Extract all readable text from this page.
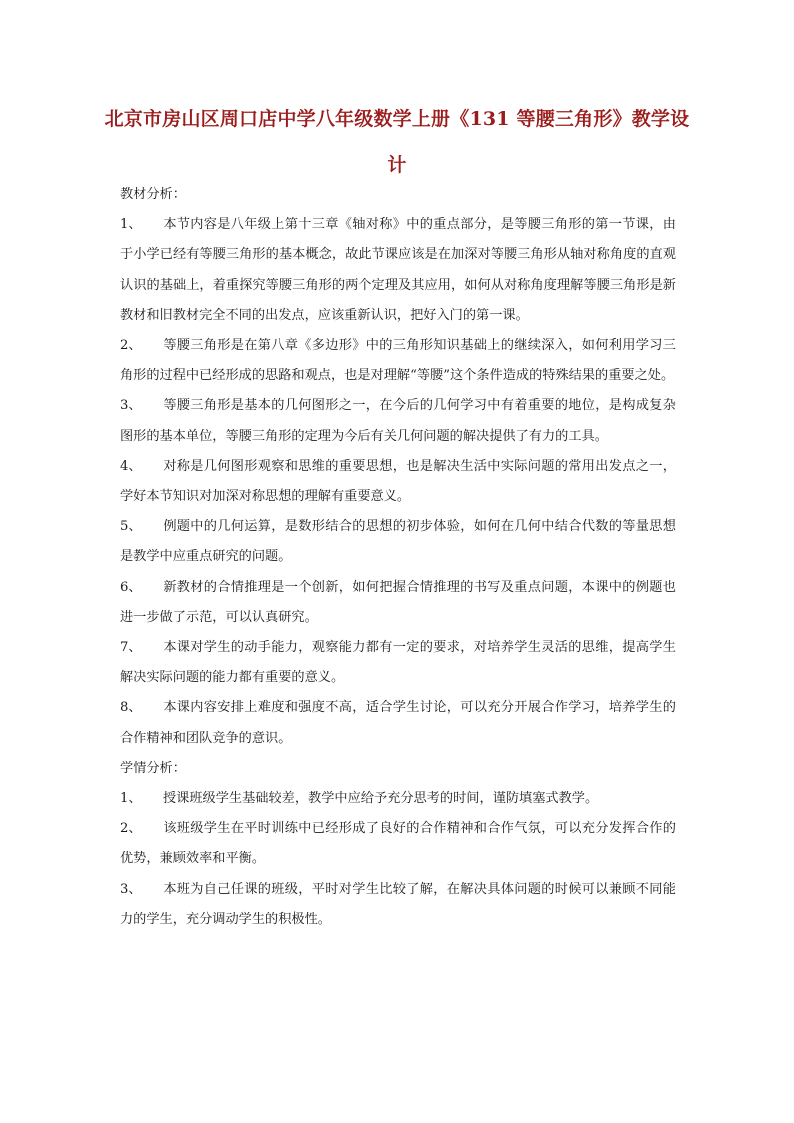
北京市房山区周口店中学八年级数学上册《131 等腰三角形》教学设
计

教材分析：

1、 本节内容是八年级上第十三章《轴对称》中的重点部分，是等腰三角形的第一节课，由于小学已经有等腰三角形的基本概念，故此节课应该是在加深对等腰三角形从轴对称角度的直观认识的基础上，着重探究等腰三角形的两个定理及其应用，如何从对称角度理解等腰三角形是新教材和旧教材完全不同的出发点，应该重新认识，把好入门的第一课。

2、 等腰三角形是在第八章《多边形》中的三角形知识基础上的继续深入，如何利用学习三角形的过程中已经形成的思路和观点，也是对理解“等腰”这个条件造成的特殊结果的重要之处。

3、 等腰三角形是基本的几何图形之一，在今后的几何学习中有着重要的地位，是构成复杂图形的基本单位，等腰三角形的定理为今后有关几何问题的解决提供了有力的工具。

4、 对称是几何图形观察和思维的重要思想，也是解决生活中实际问题的常用出发点之一，学好本节知识对加深对称思想的理解有重要意义。

5、 例题中的几何运算，是数形结合的思想的初步体验，如何在几何中结合代数的等量思想是教学中应重点研究的问题。

6、 新教材的合情推理是一个创新，如何把握合情推理的书写及重点问题，本课中的例题也进一步做了示范，可以认真研究。

7、 本课对学生的动手能力，观察能力都有一定的要求，对培养学生灵活的思维，提高学生解决实际问题的能力都有重要的意义。

8、 本课内容安排上难度和强度不高，适合学生讨论，可以充分开展合作学习，培养学生的合作精神和团队竞争的意识。

学情分析：

1、 授课班级学生基础较差，教学中应给予充分思考的时间，谨防填塞式教学。

2、 该班级学生在平时训练中已经形成了良好的合作精神和合作气氛，可以充分发挥合作的优势，兼顾效率和平衡。

3、 本班为自己任课的班级，平时对学生比较了解，在解决具体问题的时候可以兼顾不同能力的学生，充分调动学生的积极性。
